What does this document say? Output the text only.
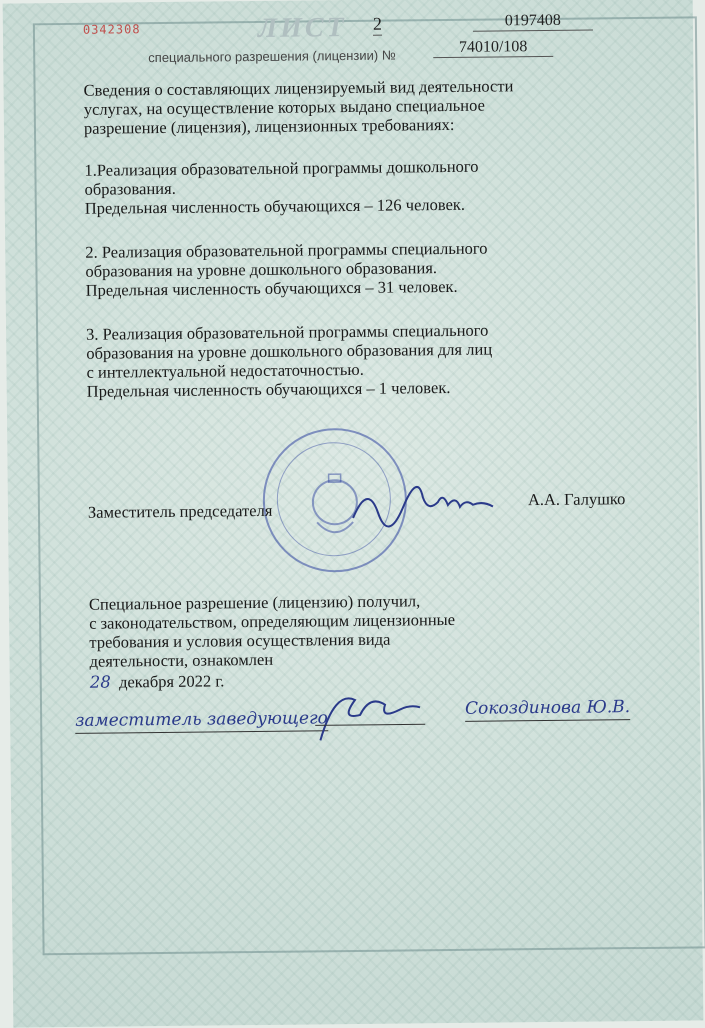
0342308	ЛИСТ 2	0197408

специального разрешения (лицензии) №

74010/108

Сведения о составляющих лицензируемый вид деятельности
услугах, на осуществление которых выдано специальное
разрешение (лицензия), лицензионных требованиях:

1.Реализация образовательной программы дошкольного
образования.
Предельная численность обучающихся – 126 человек.

2. Реализация образовательной программы специального
образования на уровне дошкольного образования.
Предельная численность обучающихся – 31 человек.

3. Реализация образовательной программы специального
образования на уровне дошкольного образования для лиц
с интеллектуальной недостаточностью.
Предельная численность обучающихся – 1 человек.

Заместитель председателя

А.А. Галушко

Специальное разрешение (лицензию) получил,
с законодательством, определяющим лицензионные
требования и условия осуществления вида
деятельности, ознакомлен

28 декабря 2022 г.

заместитель заведующего

Сокоздинова Ю.В.
